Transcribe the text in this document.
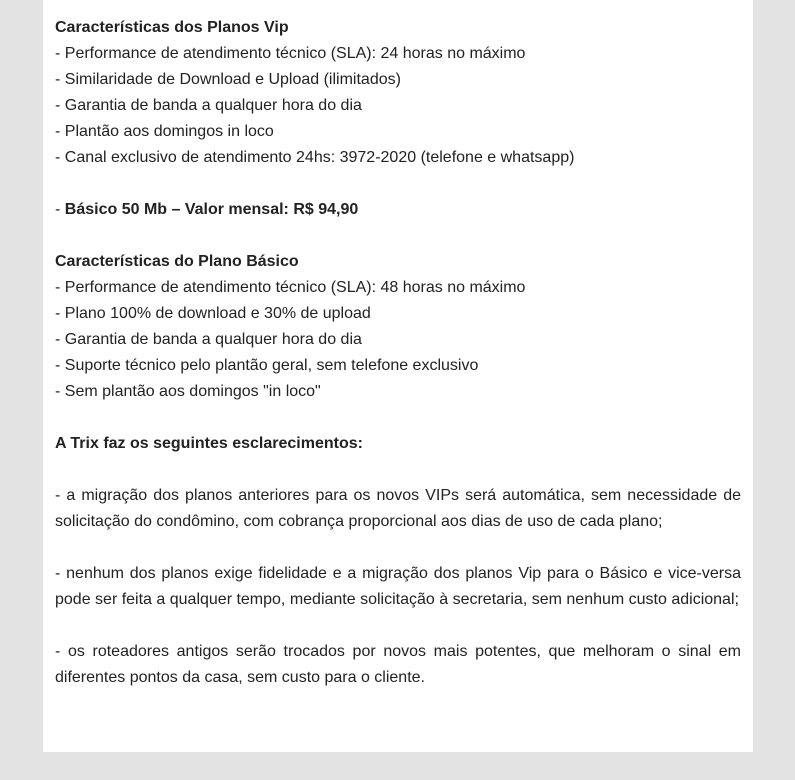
Características dos Planos Vip
- Performance de atendimento técnico (SLA): 24 horas no máximo
- Similaridade de Download e Upload (ilimitados)
- Garantia de banda a qualquer hora do dia
- Plantão aos domingos in loco
- Canal exclusivo de atendimento 24hs: 3972-2020 (telefone e whatsapp)
- Básico 50 Mb – Valor mensal: R$ 94,90
Características do Plano Básico
- Performance de atendimento técnico (SLA): 48 horas no máximo
- Plano 100% de download e 30% de upload
- Garantia de banda a qualquer hora do dia
- Suporte técnico pelo plantão geral, sem telefone exclusivo
- Sem plantão aos domingos "in loco"
A Trix faz os seguintes esclarecimentos:
- a migração dos planos anteriores para os novos VIPs será automática, sem necessidade de solicitação do condômino, com cobrança proporcional aos dias de uso de cada plano;
- nenhum dos planos exige fidelidade e a migração dos planos Vip para o Básico e vice-versa pode ser feita a qualquer tempo, mediante solicitação à secretaria, sem nenhum custo adicional;
- os roteadores antigos serão trocados por novos mais potentes, que melhoram o sinal em diferentes pontos da casa, sem custo para o cliente.
